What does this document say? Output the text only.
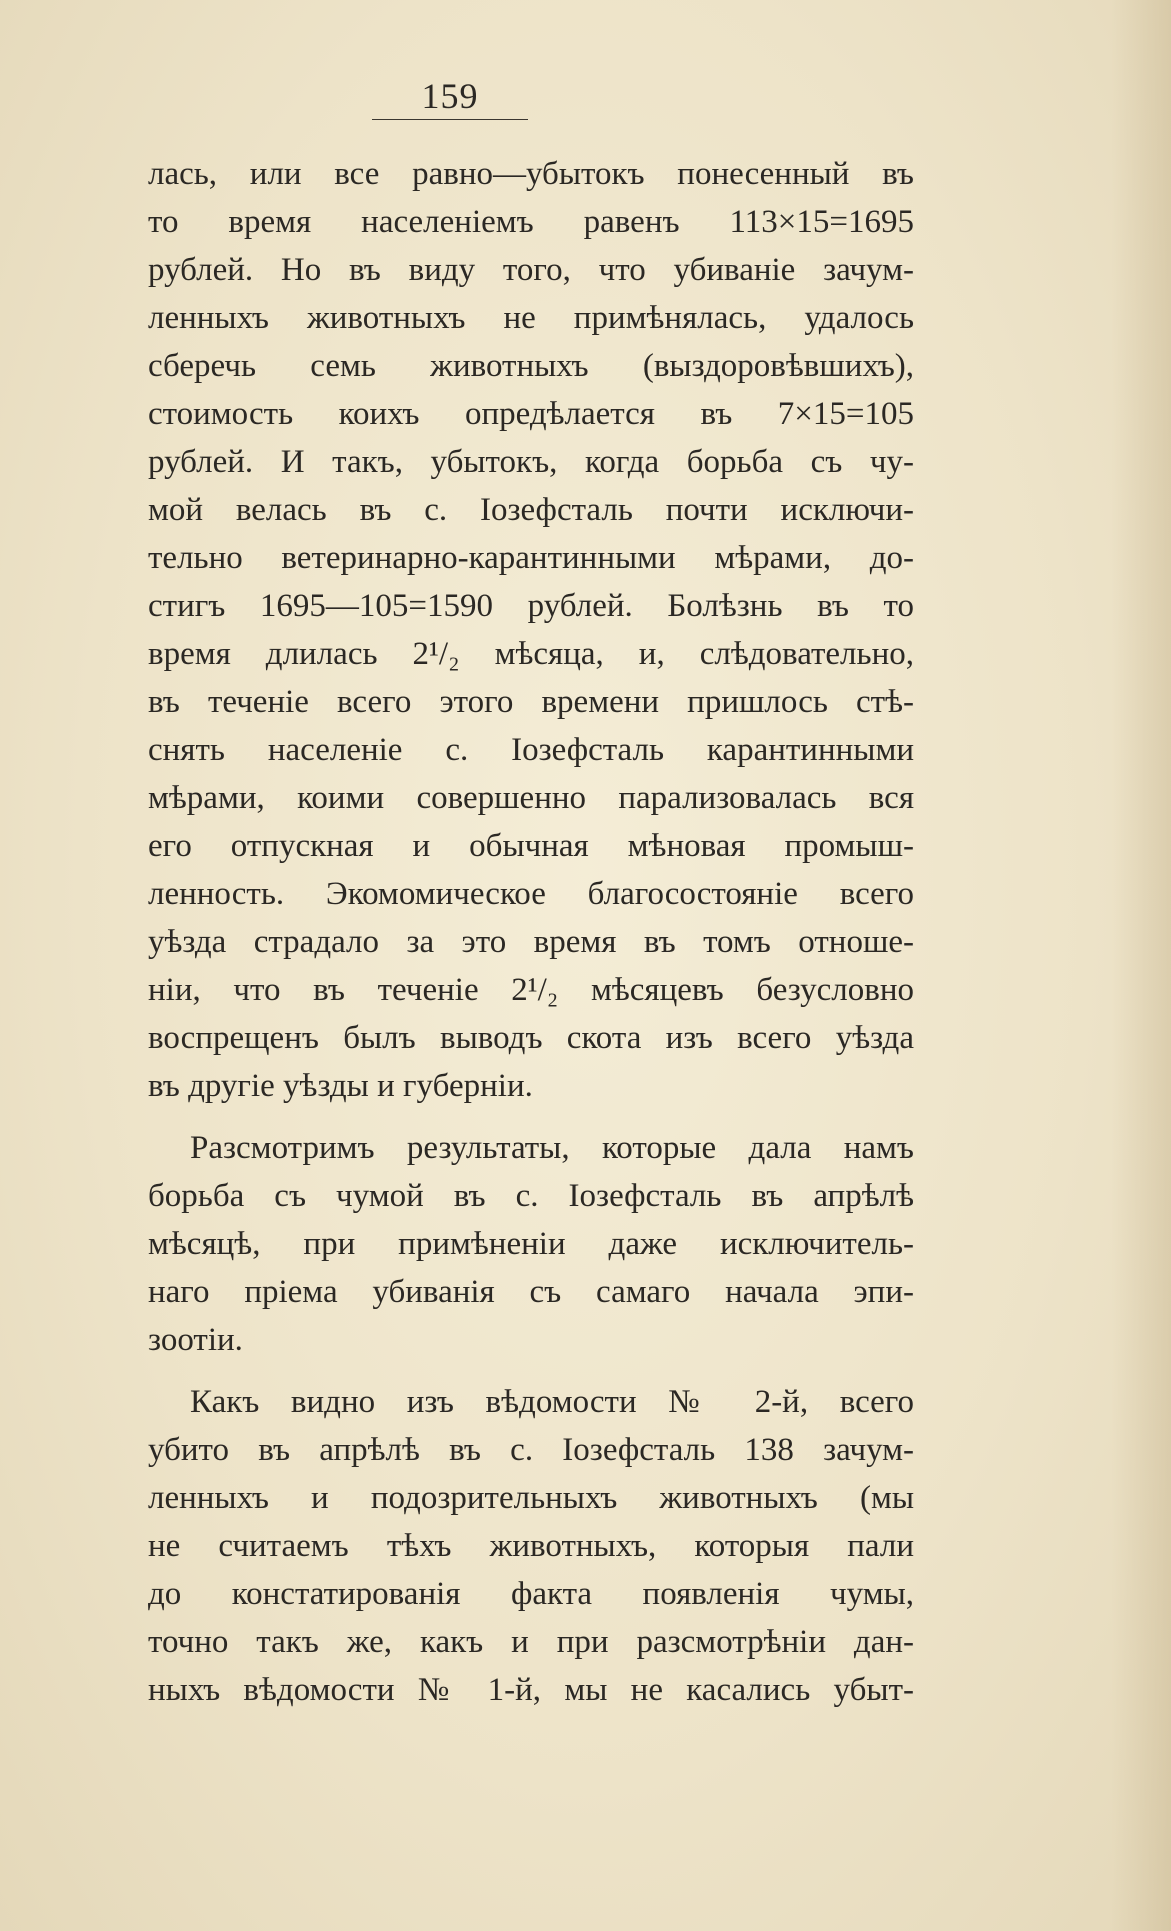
159
лась, или все равно—убытокъ понесенный въ
то время населеніемъ равенъ 113×15=1695
рублей. Но въ виду того, что убиваніе зачум-
ленныхъ животныхъ не примѣнялась, удалось
сберечь семь животныхъ (выздоровѣвшихъ),
стоимость коихъ опредѣлается въ 7×15=105
рублей. И такъ, убытокъ, когда борьба съ чу-
мой велась въ с. Іозефсталь почти исключи-
тельно ветеринарно-карантинными мѣрами, до-
стигъ 1695—105=1590 рублей. Болѣзнь въ то
время длилась 2¹/₂ мѣсяца, и, слѣдовательно,
въ теченіе всего этого времени пришлось стѣ-
снять населеніе с. Іозефсталь карантинными
мѣрами, коими совершенно парализовалась вся
его отпускная и обычная мѣновая промыш-
ленность. Экомомическое благосостояніе всего
уѣзда страдало за это время въ томъ отноше-
ніи, что въ теченіе 2¹/₂ мѣсяцевъ безусловно
воспрещенъ былъ выводъ скота изъ всего уѣзда
въ другіе уѣзды и губерніи.
Разсмотримъ результаты, которые дала намъ
борьба съ чумой въ с. Іозефсталь въ апрѣлѣ
мѣсяцѣ, при примѣненіи даже исключитель-
наго пріема убиванія съ самаго начала эпи-
зоотіи.
Какъ видно изъ вѣдомости № 2-й, всего
убито въ апрѣлѣ въ с. Іозефсталь 138 зачум-
ленныхъ и подозрительныхъ животныхъ (мы
не считаемъ тѣхъ животныхъ, которыя пали
до констатированія факта появленія чумы,
точно такъ же, какъ и при разсмотрѣніи дан-
ныхъ вѣдомости № 1-й, мы не касались убыт-
